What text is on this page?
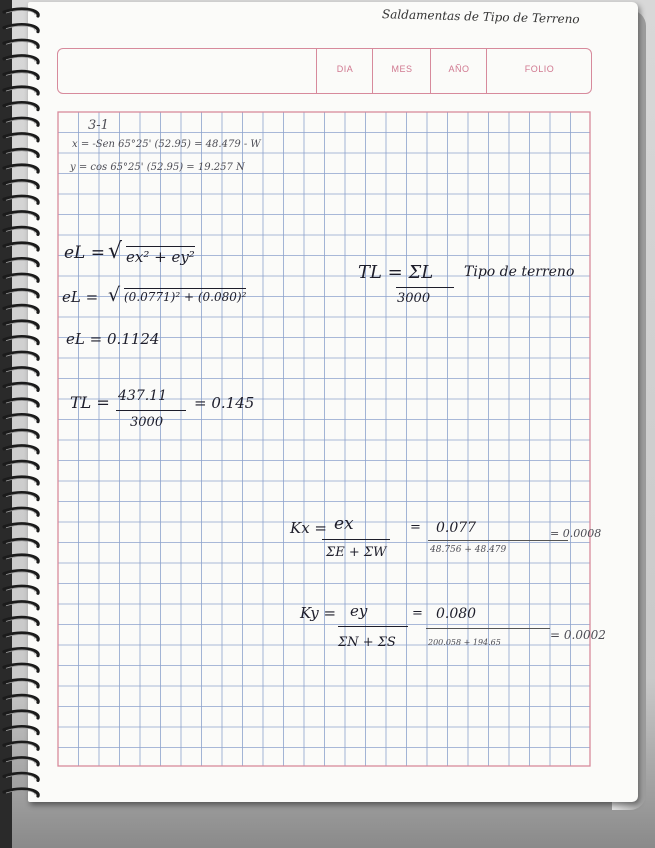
Saldamentas de Tipo de Terreno
DIA	MES	AÑO	FOLIO
3-1
x = -Sen 65°25' (52.95) = 48.479 - W
y = cos 65°25' (52.95) = 19.257 N
eL = √ ex² + ey²
eL = √ (0.0771)² + (0.080)²
eL = 0.1124
TL = ΣL
3000
Tipo de terreno
TL = 437.11
3000
= 0.145
Kx = ex
ΣE + ΣW
= 0.077
48.756 + 48.479
= 0.0008
Ky = ey
ΣN + ΣS
= 0.080
200.058 + 194.65
= 0.0002
